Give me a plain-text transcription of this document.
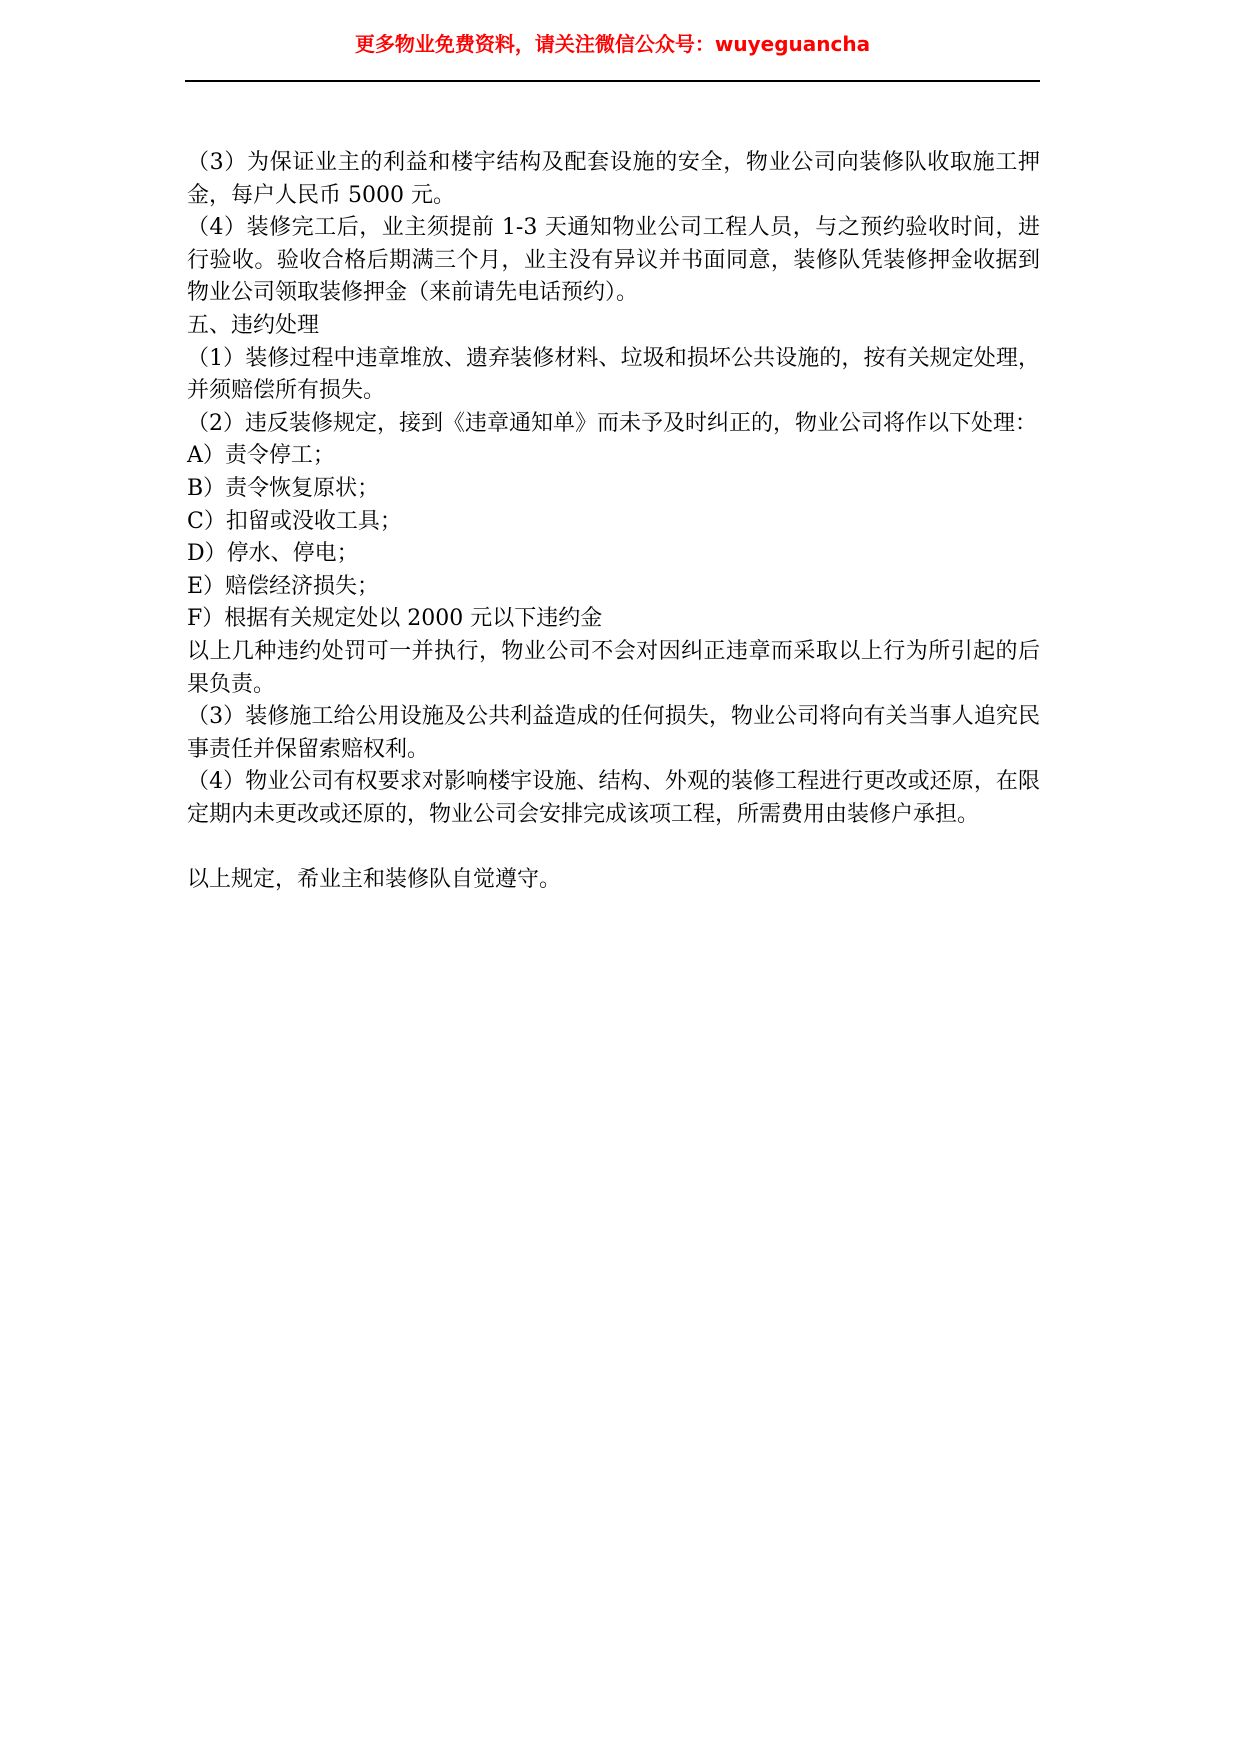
更多物业免费资料，请关注微信公众号：wuyeguancha

（3）为保证业主的利益和楼宇结构及配套设施的安全，物业公司向装修队收取施工押金，每户人民币 5000 元。

（4）装修完工后，业主须提前 1-3 天通知物业公司工程人员，与之预约验收时间，进行验收。验收合格后期满三个月，业主没有异议并书面同意，装修队凭装修押金收据到物业公司领取装修押金（来前请先电话预约）。

五、违约处理

（1）装修过程中违章堆放、遗弃装修材料、垃圾和损坏公共设施的，按有关规定处理，并须赔偿所有损失。

（2）违反装修规定，接到《违章通知单》而未予及时纠正的，物业公司将作以下处理：

A）责令停工；

B）责令恢复原状；

C）扣留或没收工具；

D）停水、停电；

E）赔偿经济损失；

F）根据有关规定处以 2000 元以下违约金

以上几种违约处罚可一并执行，物业公司不会对因纠正违章而采取以上行为所引起的后果负责。

（3）装修施工给公用设施及公共利益造成的任何损失，物业公司将向有关当事人追究民事责任并保留索赔权利。

（4）物业公司有权要求对影响楼宇设施、结构、外观的装修工程进行更改或还原，在限定期内未更改或还原的，物业公司会安排完成该项工程，所需费用由装修户承担。

以上规定，希业主和装修队自觉遵守。
